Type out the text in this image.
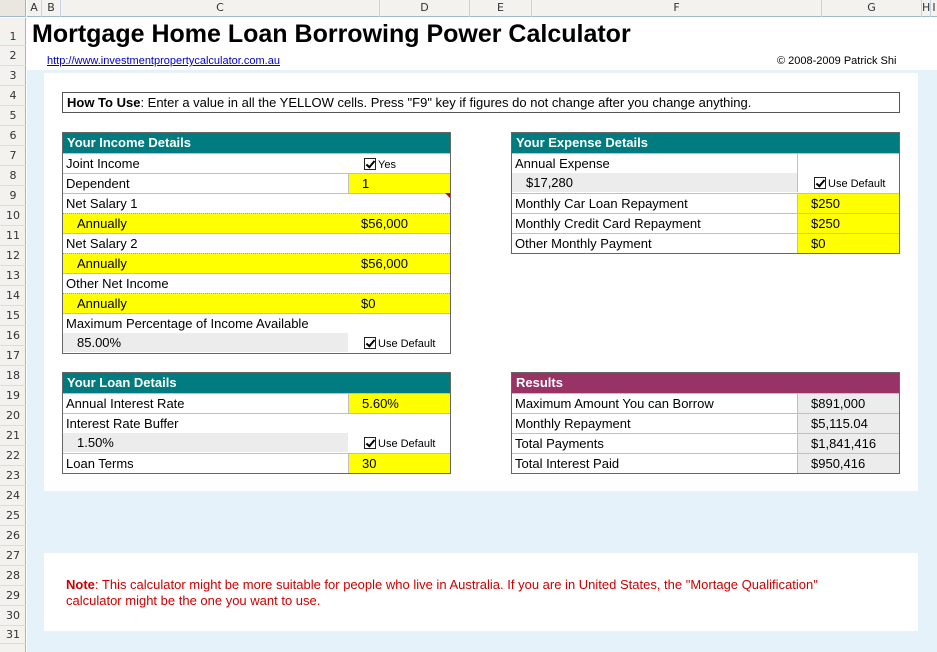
A B	C	D	E	F	G	H I
1
2
3
4
5
6
7
8
9
10
11
12
13
14
15
16
17
18
19
20
21
22
23
24
25
26
27
28
29
30
31
Mortgage Home Loan Borrowing Power Calculator
http://www.investmentpropertycalculator.com.au	© 2008-2009 Patrick Shi
How To Use: Enter a value in all the YELLOW cells. Press "F9" key if figures do not change after you change anything.
Your Income Details
Joint Income	Yes
Dependent	1
Net Salary 1
Annually	$56,000
Net Salary 2
Annually	$56,000
Other Net Income
Annually	$0
Maximum Percentage of Income Available
85.00%	Use Default
Your Expense Details
Annual Expense
$17,280	Use Default
Monthly Car Loan Repayment	$250
Monthly Credit Card Repayment	$250
Other Monthly Payment	$0
Your Loan Details
Annual Interest Rate	5.60%
Interest Rate Buffer
1.50%	Use Default
Loan Terms	30
Results
Maximum Amount You can Borrow	$891,000
Monthly Repayment	$5,115.04
Total Payments	$1,841,416
Total Interest Paid	$950,416
Note: This calculator might be more suitable for people who live in Australia. If you are in United States, the "Mortage Qualification"
calculator might be the one you want to use.
